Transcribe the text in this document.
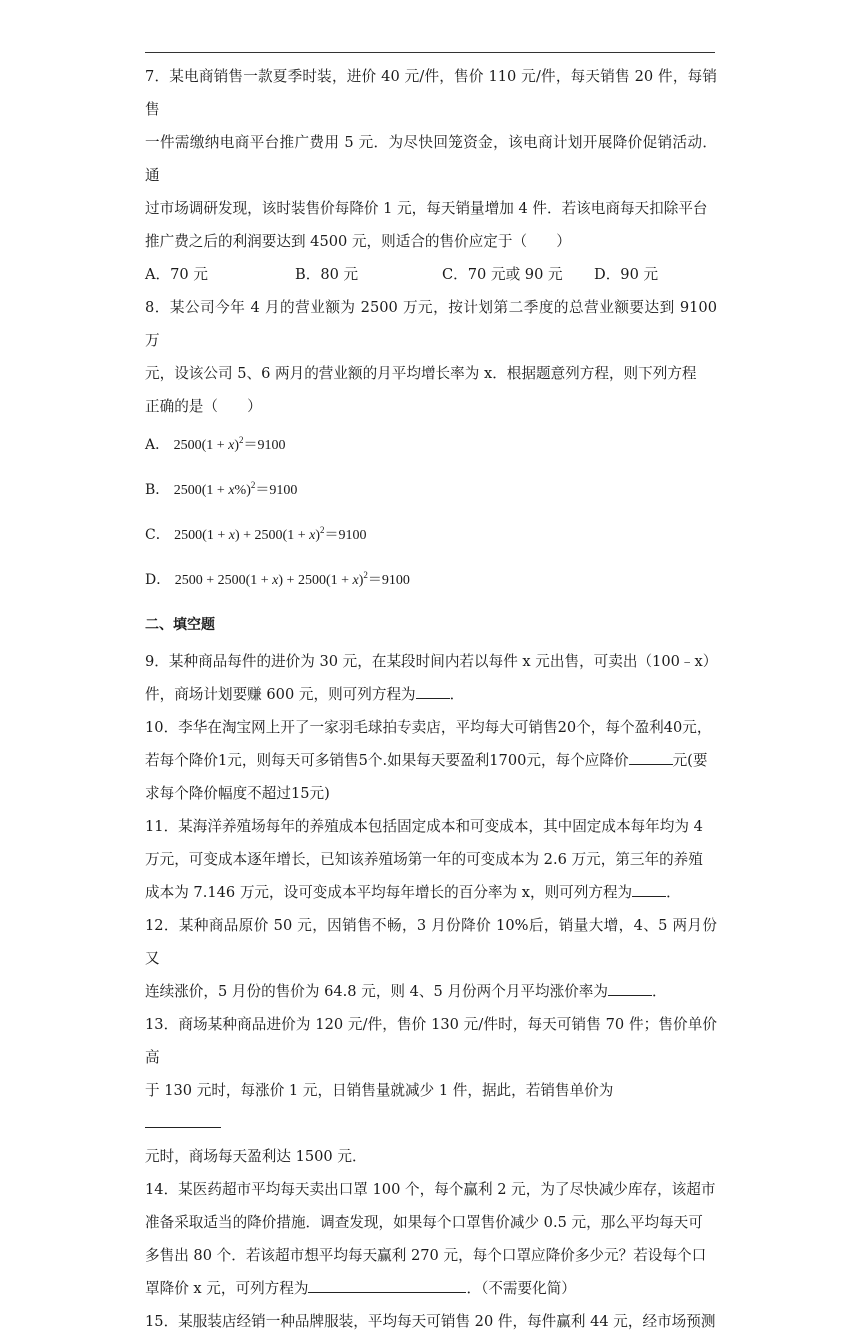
7．某电商销售一款夏季时装，进价 40 元/件，售价 110 元/件，每天销售 20 件，每销售

一件需缴纳电商平台推广费用 5 元．为尽快回笼资金，该电商计划开展降价促销活动．通

过市场调研发现，该时装售价每降价 1 元，每天销量增加 4 件．若该电商每天扣除平台

推广费之后的利润要达到 4500 元，则适合的售价应定于（　　）

A．70 元	B．80 元	C．70 元或 90 元	D．90 元

8．某公司今年 4 月的营业额为 2500 万元，按计划第二季度的总营业额要达到 9100 万

元，设该公司 5、6 两月的营业额的月平均增长率为 x．根据题意列方程，则下列方程

正确的是（　　）

A． $2500(1 + x)^2=9100$
B． $2500(1 + x\%)^2=9100$
C． $2500(1 + x) + 2500(1 + x)^2=9100$
D． $2500 + 2500(1 + x) + 2500(1 + x)^2=9100$
二、填空题

9．某种商品每件的进价为 30 元，在某段时间内若以每件 x 元出售，可卖出（100﹣x）

件，商场计划要赚 600 元，则可列方程为 ．

10．李华在淘宝网上开了一家羽毛球拍专卖店，平均每大可销售20个，每个盈利40元，

若每个降价1元，则每天可多销售5个.如果每天要盈利1700元，每个应降价	元(要

求每个降价幅度不超过15元)

11．某海洋养殖场每年的养殖成本包括固定成本和可变成本，其中固定成本每年均为 4

万元，可变成本逐年增长，已知该养殖场第一年的可变成本为 2.6 万元，第三年的养殖

成本为 7.146 万元，设可变成本平均每年增长的百分率为 x，则可列方程为 ．

12．某种商品原价 50 元，因销售不畅，3 月份降价 10%后，销量大增，4、5 两月份又

连续涨价，5 月份的售价为 64.8 元，则 4、5 月份两个月平均涨价率为	．

13．商场某种商品进价为 120 元/件，售价 130 元/件时，每天可销售 70 件；售价单价高

于 130 元时，每涨价 1 元，日销售量就减少 1 件，据此，若销售单价为

元时，商场每天盈利达 1500 元．

14．某医药超市平均每天卖出口罩 100 个，每个赢利 2 元，为了尽快减少库存，该超市

准备采取适当的降价措施．调查发现，如果每个口罩售价减少 0.5 元，那么平均每天可

多售出 80 个．若该超市想平均每天赢利 270 元，每个口罩应降价多少元？若设每个口

罩降价 x 元，可列方程为	．（不需要化简）

15．某服装店经销一种品牌服装，平均每天可销售 20 件，每件赢利 44 元，经市场预测
